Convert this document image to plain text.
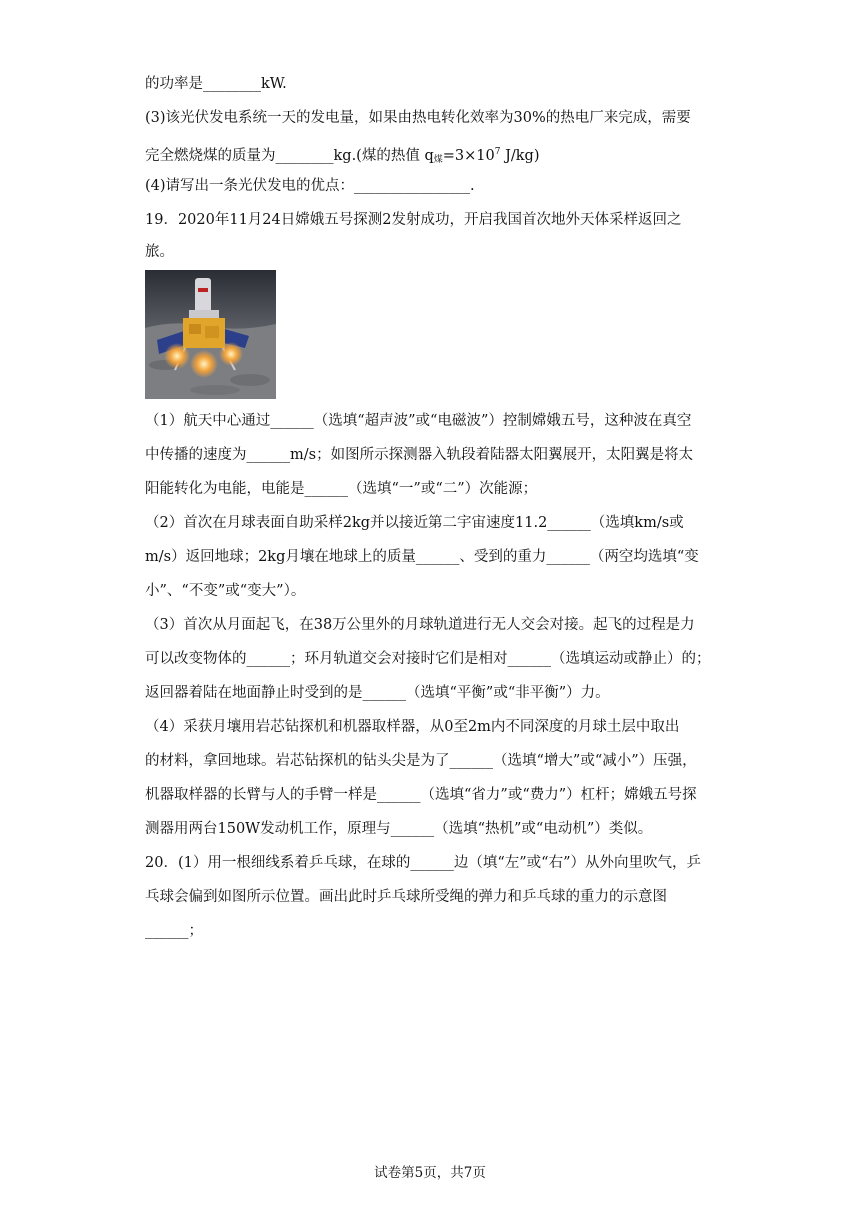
的功率是________kW.
(3)该光伏发电系统一天的发电量，如果由热电转化效率为30%的热电厂来完成，需要
完全燃烧煤的质量为________kg.(煤的热值 $q_煤=3\times 10^7$ J/kg)
(4)请写出一条光伏发电的优点：________________.
19．2020年11月24日嫦娥五号探测2发射成功，开启我国首次地外天体采样返回之
旅。
（1）航天中心通过______（选填“超声波”或“电磁波”）控制嫦娥五号，这种波在真空
中传播的速度为______m/s；如图所示探测器入轨段着陆器太阳翼展开，太阳翼是将太
阳能转化为电能，电能是______（选填“一”或“二”）次能源；
（2）首次在月球表面自助采样2kg并以接近第二宇宙速度11.2______（选填km/s或
m/s）返回地球；2kg月壤在地球上的质量______、受到的重力______（两空均选填“变
小”、“不变”或“变大”）。
（3）首次从月面起飞，在38万公里外的月球轨道进行无人交会对接。起飞的过程是力
可以改变物体的______；环月轨道交会对接时它们是相对______（选填运动或静止）的；
返回器着陆在地面静止时受到的是______（选填“平衡”或“非平衡”）力。
（4）采获月壤用岩芯钻探机和机器取样器，从0至2m内不同深度的月球土层中取出
的材料，拿回地球。岩芯钻探机的钻头尖是为了______（选填“增大”或“减小”）压强，
机器取样器的长臂与人的手臂一样是______（选填“省力”或“费力”）杠杆；嫦娥五号探
测器用两台150W发动机工作，原理与______（选填“热机”或“电动机”）类似。
20．(1）用一根细线系着乒乓球，在球的______边（填“左”或“右”）从外向里吹气，乒
乓球会偏到如图所示位置。画出此时乒乓球所受绳的弹力和乒乓球的重力的示意图
______；
试卷第5页，共7页
